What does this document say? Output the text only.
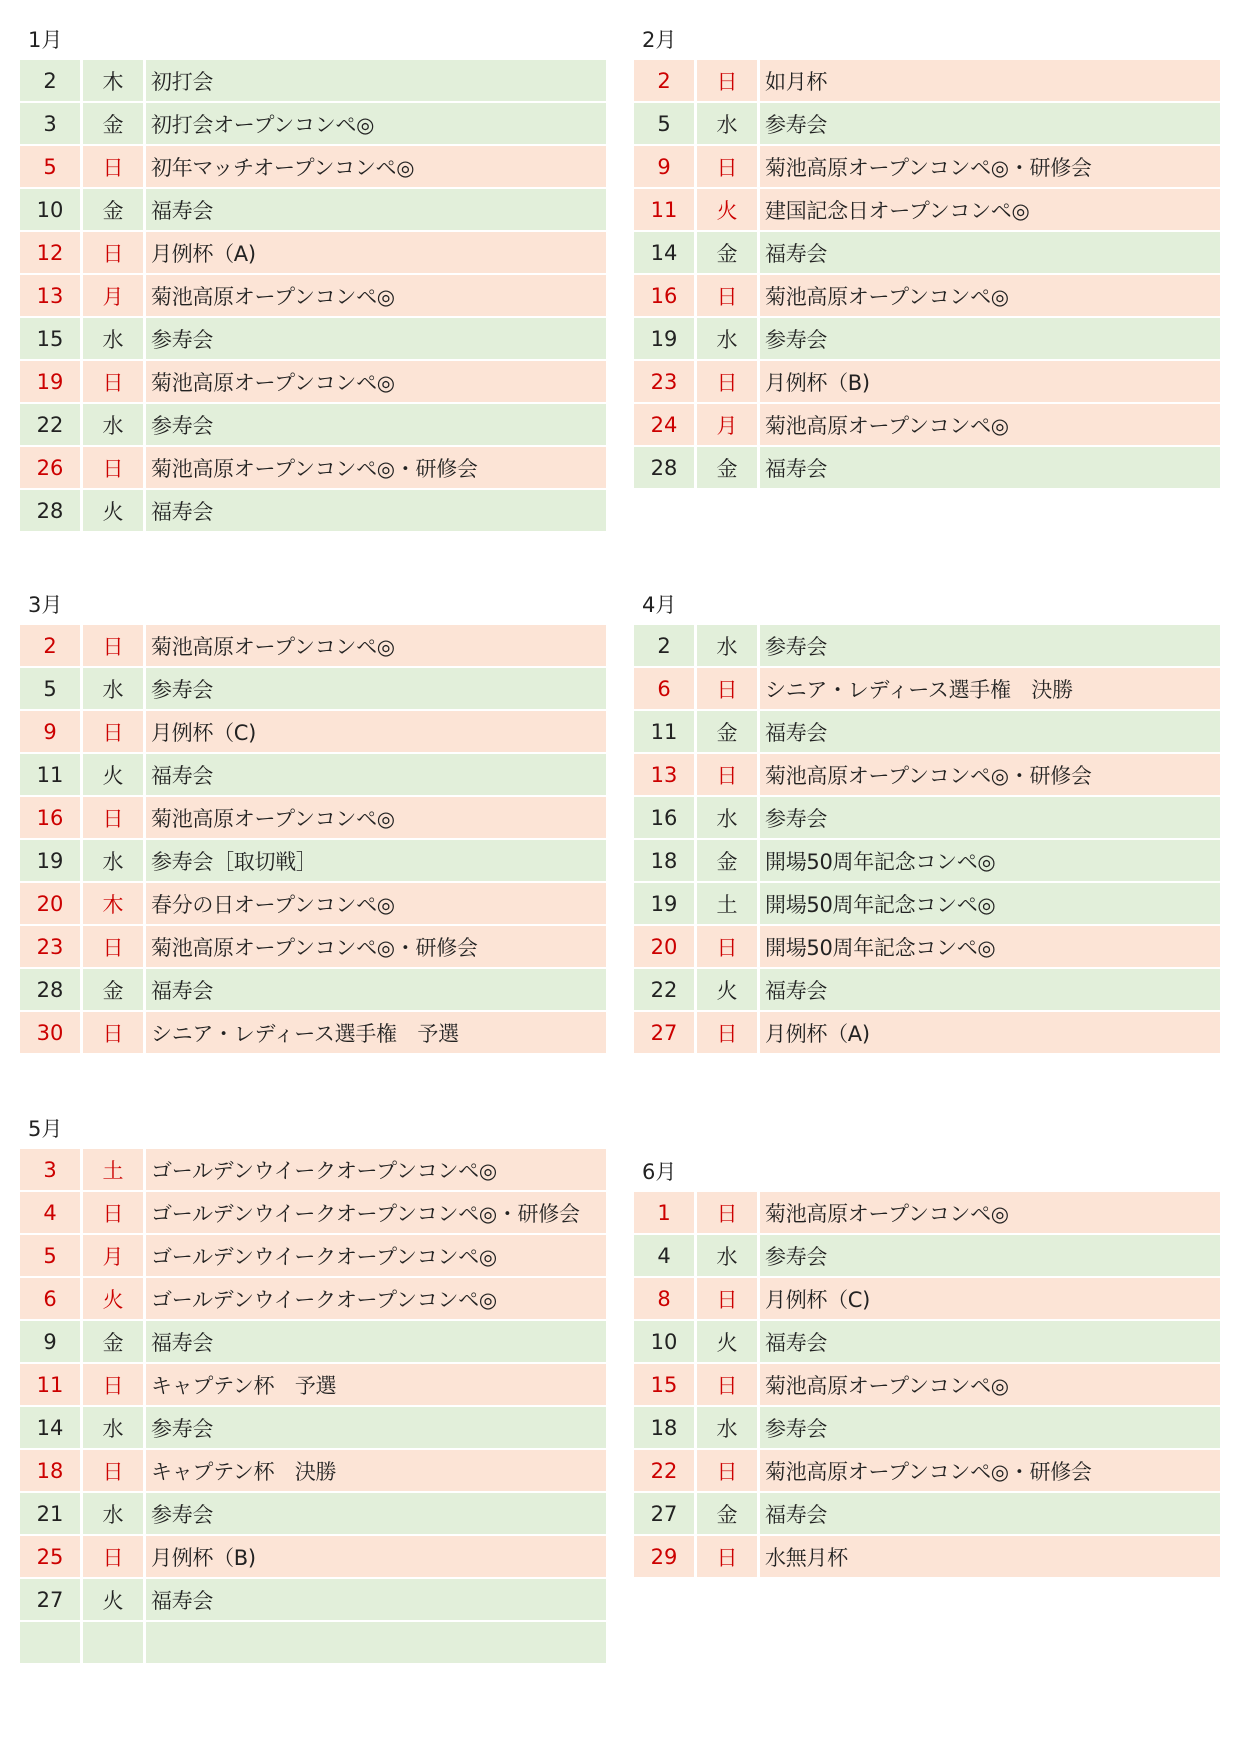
1月
2	木	初打会
3	金	初打会オープンコンペ◎
5	日	初年マッチオープンコンペ◎
10	金	福寿会
12	日	月例杯（A)
13	月	菊池高原オープンコンペ◎
15	水	参寿会
19	日	菊池高原オープンコンペ◎
22	水	参寿会
26	日	菊池高原オープンコンペ◎・研修会
28	火	福寿会
2月
2	日	如月杯
5	水	参寿会
9	日	菊池高原オープンコンペ◎・研修会
11	火	建国記念日オープンコンペ◎
14	金	福寿会
16	日	菊池高原オープンコンペ◎
19	水	参寿会
23	日	月例杯（B)
24	月	菊池高原オープンコンペ◎
28	金	福寿会
3月
2	日	菊池高原オープンコンペ◎
5	水	参寿会
9	日	月例杯（C)
11	火	福寿会
16	日	菊池高原オープンコンペ◎
19	水	参寿会［取切戦］
20	木	春分の日オープンコンペ◎
23	日	菊池高原オープンコンペ◎・研修会
28	金	福寿会
30	日	シニア・レディース選手権　予選
4月
2	水	参寿会
6	日	シニア・レディース選手権　決勝
11	金	福寿会
13	日	菊池高原オープンコンペ◎・研修会
16	水	参寿会
18	金	開場50周年記念コンペ◎
19	土	開場50周年記念コンペ◎
20	日	開場50周年記念コンペ◎
22	火	福寿会
27	日	月例杯（A)
5月
3	土	ゴールデンウイークオープンコンペ◎
4	日	ゴールデンウイークオープンコンペ◎・研修会
5	月	ゴールデンウイークオープンコンペ◎
6	火	ゴールデンウイークオープンコンペ◎
9	金	福寿会
11	日	キャプテン杯　予選
14	水	参寿会
18	日	キャプテン杯　決勝
21	水	参寿会
25	日	月例杯（B)
27	火	福寿会
6月
1	日	菊池高原オープンコンペ◎
4	水	参寿会
8	日	月例杯（C)
10	火	福寿会
15	日	菊池高原オープンコンペ◎
18	水	参寿会
22	日	菊池高原オープンコンペ◎・研修会
27	金	福寿会
29	日	水無月杯
